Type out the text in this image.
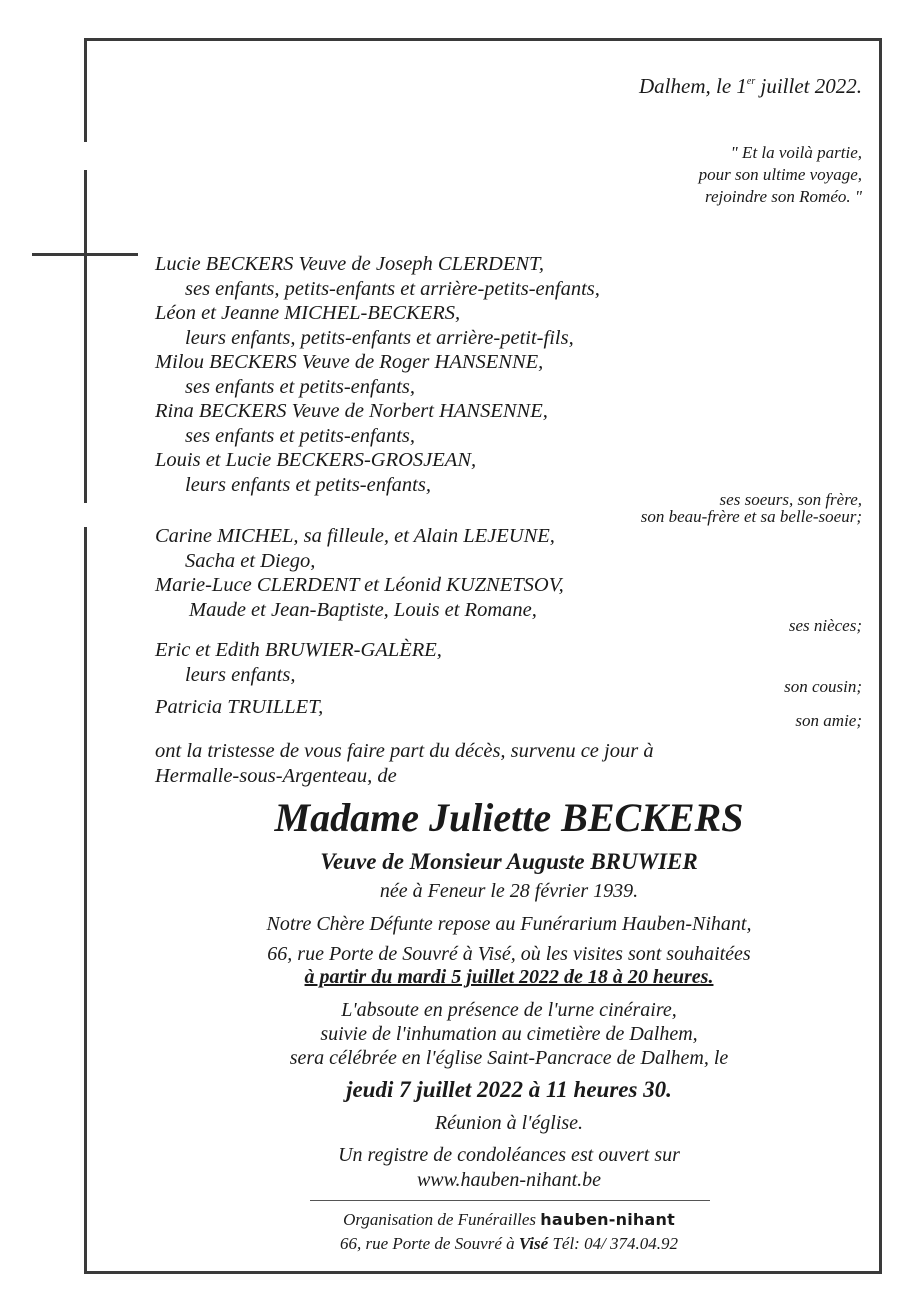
Dalhem, le 1er juillet 2022.
" Et la voilà partie,
pour son ultime voyage,
rejoindre son Roméo. "
Lucie BECKERS Veuve de Joseph CLERDENT,
ses enfants, petits-enfants et arrière-petits-enfants,
Léon et Jeanne MICHEL-BECKERS,
leurs enfants, petits-enfants et arrière-petit-fils,
Milou BECKERS Veuve de Roger HANSENNE,
ses enfants et petits-enfants,
Rina BECKERS Veuve de Norbert HANSENNE,
ses enfants et petits-enfants,
Louis et Lucie BECKERS-GROSJEAN,
leurs enfants et petits-enfants,
ses soeurs, son frère,
son beau-frère et sa belle-soeur;
Carine MICHEL, sa filleule, et Alain LEJEUNE,
Sacha et Diego,
Marie-Luce CLERDENT et Léonid KUZNETSOV,
Maude et Jean-Baptiste, Louis et Romane,
ses nièces;
Eric et Edith BRUWIER-GALÈRE,
leurs enfants,
son cousin;
Patricia TRUILLET,
son amie;
ont la tristesse de vous faire part du décès, survenu ce jour à
Hermalle-sous-Argenteau, de
Madame Juliette BECKERS
Veuve de Monsieur Auguste BRUWIER
née à Feneur le 28 février 1939.
Notre Chère Défunte repose au Funérarium Hauben-Nihant,
66, rue Porte de Souvré à Visé, où les visites sont souhaitées
à partir du mardi 5 juillet 2022 de 18 à 20 heures.
L'absoute en présence de l'urne cinéraire,
suivie de l'inhumation au cimetière de Dalhem,
sera célébrée en l'église Saint-Pancrace de Dalhem, le
jeudi 7 juillet 2022 à 11 heures 30.
Réunion à l'église.
Un registre de condoléances est ouvert sur
www.hauben-nihant.be
Organisation de Funérailles hauben-nihant
66, rue Porte de Souvré à Visé Tél: 04/ 374.04.92
